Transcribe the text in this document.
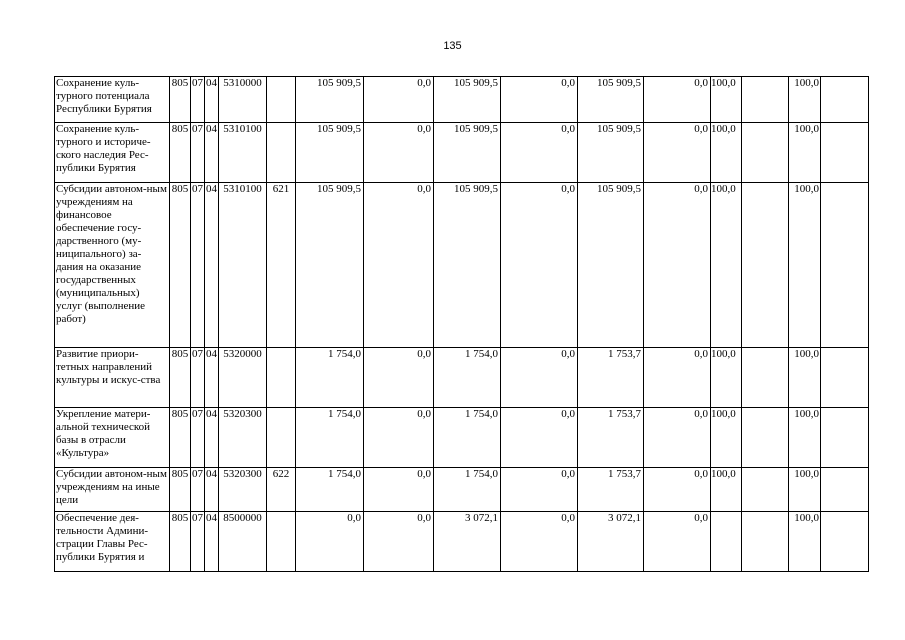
135
Сохранение куль-турного потенциала Республики Бурятия	805	07	04	5310000		105 909,5	0,0	105 909,5	0,0	105 909,5	0,0	100,0		100,0	
Сохранение куль-турного и историче-ского наследия Рес-публики Бурятия	805	07	04	5310100		105 909,5	0,0	105 909,5	0,0	105 909,5	0,0	100,0		100,0	
Субсидии автоном-ным учреждениям на финансовое обеспечение госу-дарственного (му-ниципального) за-дания на оказание государственных (муниципальных) услуг (выполнение работ)	805	07	04	5310100	621	105 909,5	0,0	105 909,5	0,0	105 909,5	0,0	100,0		100,0	
Развитие приори-тетных направлений культуры и искус-ства	805	07	04	5320000		1 754,0	0,0	1 754,0	0,0	1 753,7	0,0	100,0		100,0	
Укрепление матери-альной технической базы в отрасли «Культура»	805	07	04	5320300		1 754,0	0,0	1 754,0	0,0	1 753,7	0,0	100,0		100,0	
Субсидии автоном-ным учреждениям на иные цели	805	07	04	5320300	622	1 754,0	0,0	1 754,0	0,0	1 753,7	0,0	100,0		100,0	
Обеспечение дея-тельности Админи-страции Главы Рес-публики Бурятия и	805	07	04	8500000		0,0	0,0	3 072,1	0,0	3 072,1	0,0			100,0	
